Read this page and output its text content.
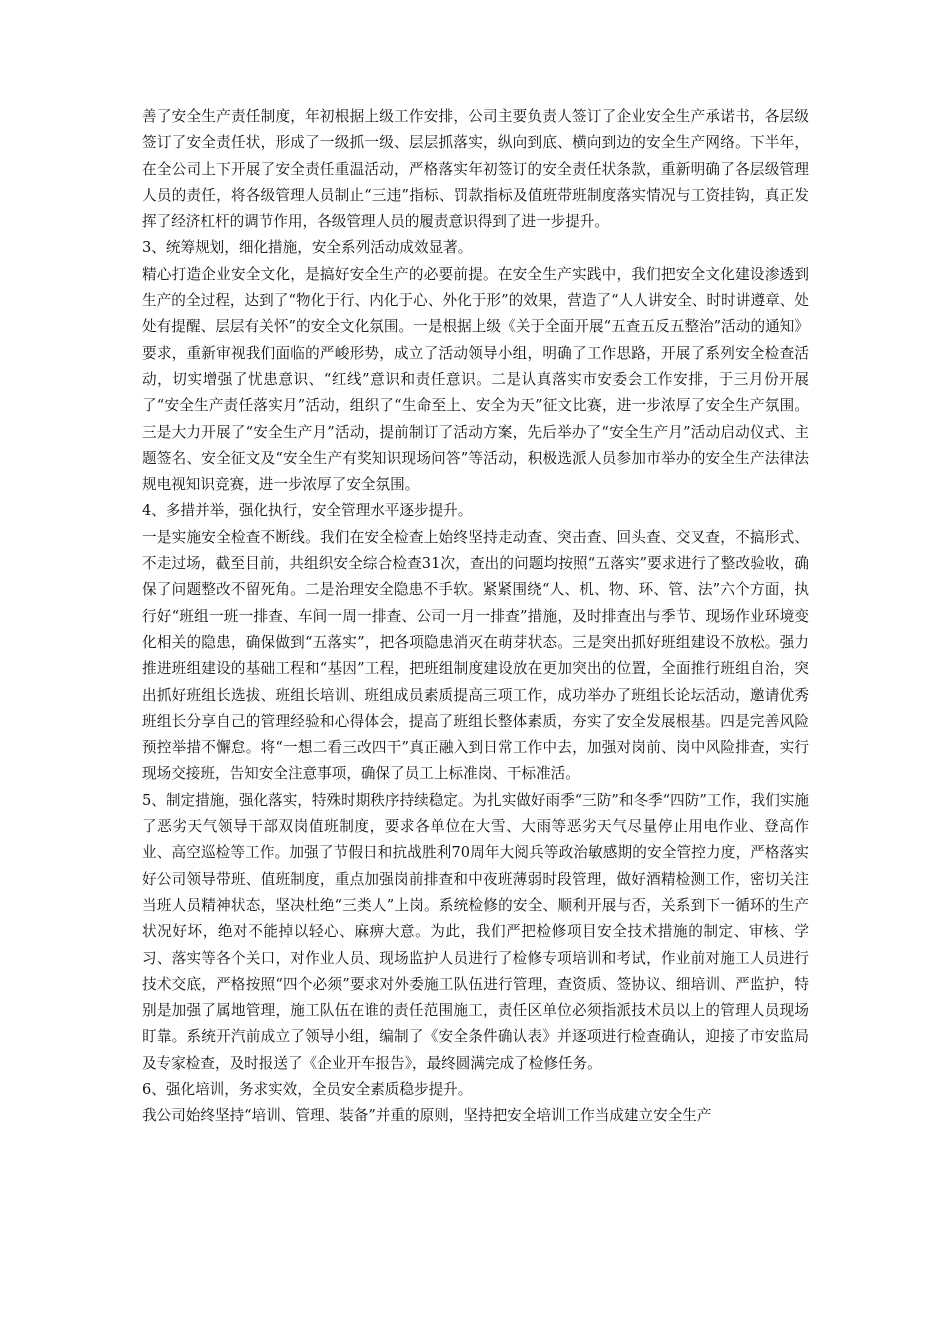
善了安全生产责任制度，年初根据上级工作安排，公司主要负责人签订了企业安全生产承诺书，各层级签订了安全责任状，形成了一级抓一级、层层抓落实，纵向到底、横向到边的安全生产网络。下半年，在全公司上下开展了安全责任重温活动，严格落实年初签订的安全责任状条款，重新明确了各层级管理人员的责任，将各级管理人员制止“三违”指标、罚款指标及值班带班制度落实情况与工资挂钩，真正发挥了经济杠杆的调节作用，各级管理人员的履责意识得到了进一步提升。

3、统筹规划，细化措施，安全系列活动成效显著。

精心打造企业安全文化，是搞好安全生产的必要前提。在安全生产实践中，我们把安全文化建设渗透到生产的全过程，达到了“物化于行、内化于心、外化于形”的效果，营造了“人人讲安全、时时讲遵章、处处有提醒、层层有关怀”的安全文化氛围。一是根据上级《关于全面开展“五查五反五整治”活动的通知》要求，重新审视我们面临的严峻形势，成立了活动领导小组，明确了工作思路，开展了系列安全检查活动，切实增强了忧患意识、“红线”意识和责任意识。二是认真落实市安委会工作安排，于三月份开展了“安全生产责任落实月”活动，组织了“生命至上、安全为天”征文比赛，进一步浓厚了安全生产氛围。三是大力开展了“安全生产月”活动，提前制订了活动方案，先后举办了“安全生产月”活动启动仪式、主题签名、安全征文及“安全生产有奖知识现场问答”等活动，积极选派人员参加市举办的安全生产法律法规电视知识竞赛，进一步浓厚了安全氛围。

4、多措并举，强化执行，安全管理水平逐步提升。

一是实施安全检查不断线。我们在安全检查上始终坚持走动查、突击查、回头查、交叉查，不搞形式、不走过场，截至目前，共组织安全综合检查31次，查出的问题均按照“五落实”要求进行了整改验收，确保了问题整改不留死角。二是治理安全隐患不手软。紧紧围绕“人、机、物、环、管、法”六个方面，执行好“班组一班一排查、车间一周一排查、公司一月一排查”措施，及时排查出与季节、现场作业环境变化相关的隐患，确保做到“五落实”，把各项隐患消灭在萌芽状态。三是突出抓好班组建设不放松。强力推进班组建设的基础工程和“基因”工程，把班组制度建设放在更加突出的位置，全面推行班组自治，突出抓好班组长选拔、班组长培训、班组成员素质提高三项工作，成功举办了班组长论坛活动，邀请优秀班组长分享自己的管理经验和心得体会，提高了班组长整体素质，夯实了安全发展根基。四是完善风险预控举措不懈怠。将“一想二看三改四干”真正融入到日常工作中去，加强对岗前、岗中风险排查，实行现场交接班，告知安全注意事项，确保了员工上标准岗、干标准活。

5、制定措施，强化落实，特殊时期秩序持续稳定。为扎实做好雨季“三防”和冬季“四防”工作，我们实施了恶劣天气领导干部双岗值班制度，要求各单位在大雪、大雨等恶劣天气尽量停止用电作业、登高作业、高空巡检等工作。加强了节假日和抗战胜利70周年大阅兵等政治敏感期的安全管控力度，严格落实好公司领导带班、值班制度，重点加强岗前排查和中夜班薄弱时段管理，做好酒精检测工作，密切关注当班人员精神状态，坚决杜绝“三类人”上岗。系统检修的安全、顺利开展与否，关系到下一循环的生产状况好坏，绝对不能掉以轻心、麻痹大意。为此，我们严把检修项目安全技术措施的制定、审核、学习、落实等各个关口，对作业人员、现场监护人员进行了检修专项培训和考试，作业前对施工人员进行技术交底，严格按照“四个必须”要求对外委施工队伍进行管理，查资质、签协议、细培训、严监护，特别是加强了属地管理，施工队伍在谁的责任范围施工，责任区单位必须指派技术员以上的管理人员现场盯靠。系统开汽前成立了领导小组，编制了《安全条件确认表》并逐项进行检查确认，迎接了市安监局及专家检查，及时报送了《企业开车报告》，最终圆满完成了检修任务。

6、强化培训，务求实效，全员安全素质稳步提升。

我公司始终坚持“培训、管理、装备”并重的原则，坚持把安全培训工作当成建立安全生产
